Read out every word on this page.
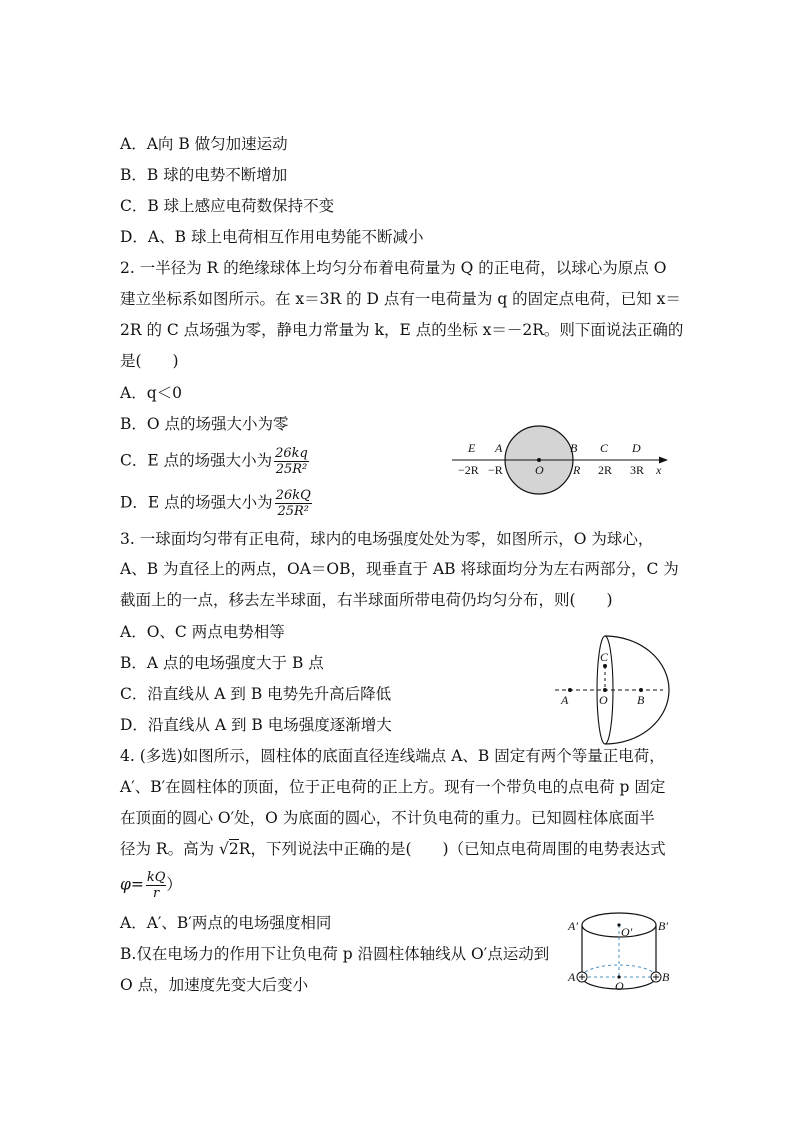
A．A向 B 做匀加速运动
B．B 球的电势不断增加
C．B 球上感应电荷数保持不变
D．A、B 球上电荷相互作用电势能不断减小
2. 一半径为 R 的绝缘球体上均匀分布着电荷量为 Q 的正电荷，以球心为原点 O
建立坐标系如图所示。在 x＝3R 的 D 点有一电荷量为 q 的固定点电荷，已知 x＝
2R 的 C 点场强为零，静电力常量为 k，E 点的坐标 x＝－2R。则下面说法正确的
是(　　)
A．q＜0
B．O 点的场强大小为零
C．E 点的场强大小为 $\frac{26kq}{\text{25R²}}$
D．E 点的场强大小为 $\frac{26kQ}{\text{25R²}}$
E A	B C D
−2R −R	O R 2R 3R x
3. 一球面均匀带有正电荷，球内的电场强度处处为零，如图所示，O 为球心，
A、B 为直径上的两点，OA＝OB，现垂直于 AB 将球面均分为左右两部分，C 为
截面上的一点，移去左半球面，右半球面所带电荷仍均匀分布，则(　　)
A．O、C 两点电势相等
B．A 点的电场强度大于 B 点
C．沿直线从 A 到 B 电势先升高后降低
D．沿直线从 A 到 B 电场强度逐渐增大
C
A	O B
4. (多选)如图所示，圆柱体的底面直径连线端点 A、B 固定有两个等量正电荷，
A′、B′在圆柱体的顶面，位于正电荷的正上方。现有一个带负电的点电荷 p 固定
在顶面的圆心 O′处，O 为底面的圆心，不计负电荷的重力。已知圆柱体底面半
径为 R。高为 √2R，下列说法中正确的是(　　)（已知点电荷周围的电势表达式
$\varphi= \frac{kQ}{r}$ ）
A．A′、B′两点的电场强度相同
B.仅在电场力的作用下让负电荷 p 沿圆柱体轴线从 O′点运动到
O 点，加速度先变大后变小
A′	O′ B′
A
O
B
